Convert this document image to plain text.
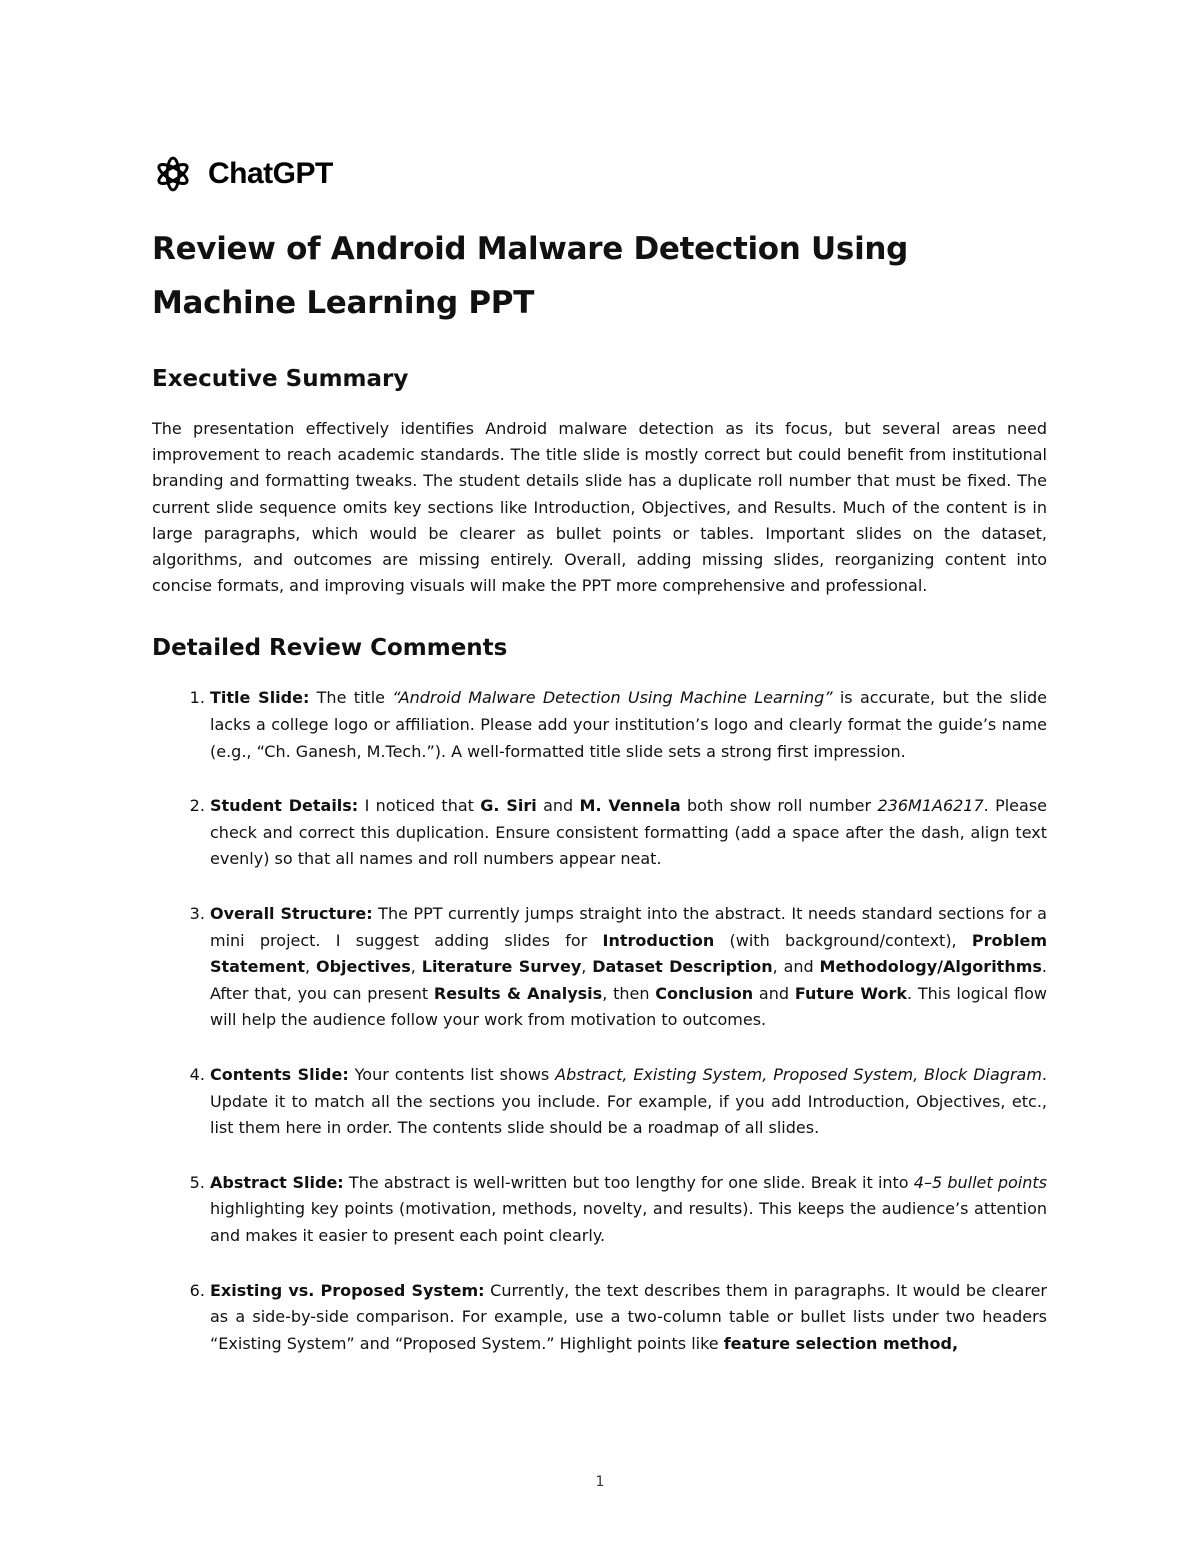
ChatGPT
Review of Android Malware Detection Using Machine Learning PPT
Executive Summary

The presentation effectively identifies Android malware detection as its focus, but several areas need improvement to reach academic standards. The title slide is mostly correct but could benefit from institutional branding and formatting tweaks. The student details slide has a duplicate roll number that must be fixed. The current slide sequence omits key sections like Introduction, Objectives, and Results. Much of the content is in large paragraphs, which would be clearer as bullet points or tables. Important slides on the dataset, algorithms, and outcomes are missing entirely. Overall, adding missing slides, reorganizing content into concise formats, and improving visuals will make the PPT more comprehensive and professional.

Detailed Review Comments
1. Title Slide: The title “Android Malware Detection Using Machine Learning” is accurate, but the slide lacks a college logo or affiliation. Please add your institution’s logo and clearly format the guide’s name (e.g., “Ch. Ganesh, M.Tech.”). A well-formatted title slide sets a strong first impression.
2. Student Details: I noticed that G. Siri and M. Vennela both show roll number 236M1A6217. Please check and correct this duplication. Ensure consistent formatting (add a space after the dash, align text evenly) so that all names and roll numbers appear neat.
3. Overall Structure: The PPT currently jumps straight into the abstract. It needs standard sections for a mini project. I suggest adding slides for Introduction (with background/context), Problem Statement, Objectives, Literature Survey, Dataset Description, and Methodology/Algorithms. After that, you can present Results & Analysis, then Conclusion and Future Work. This logical flow will help the audience follow your work from motivation to outcomes.
4. Contents Slide: Your contents list shows Abstract, Existing System, Proposed System, Block Diagram. Update it to match all the sections you include. For example, if you add Introduction, Objectives, etc., list them here in order. The contents slide should be a roadmap of all slides.
5. Abstract Slide: The abstract is well-written but too lengthy for one slide. Break it into 4–5 bullet points highlighting key points (motivation, methods, novelty, and results). This keeps the audience’s attention and makes it easier to present each point clearly.
6. Existing vs. Proposed System: Currently, the text describes them in paragraphs. It would be clearer as a side-by-side comparison. For example, use a two-column table or bullet lists under two headers “Existing System” and “Proposed System.” Highlight points like feature selection method,
1
